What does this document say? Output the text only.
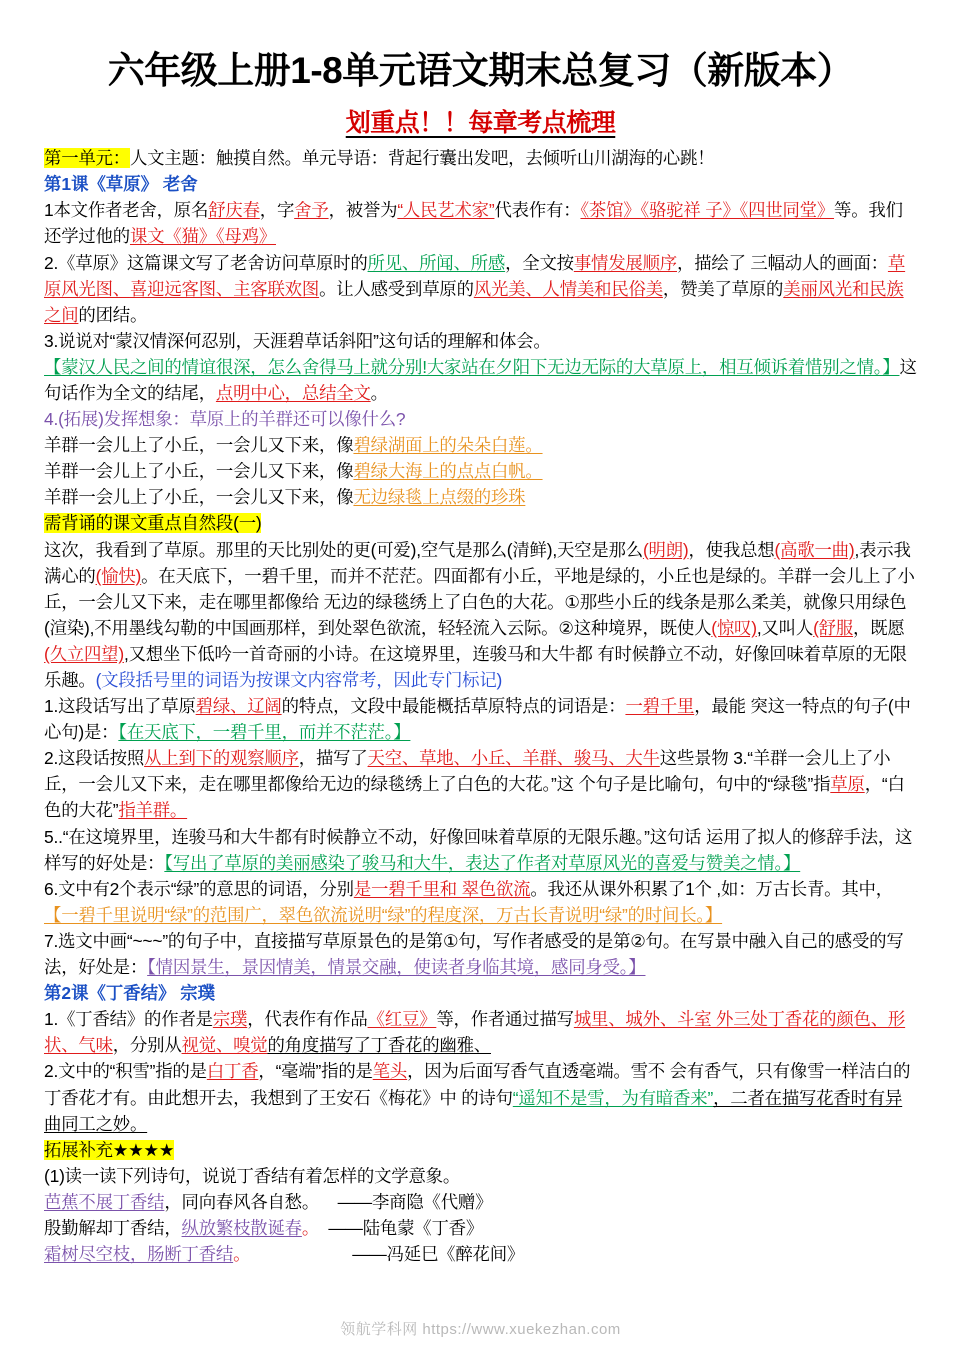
六年级上册1-8单元语文期末总复习（新版本）
划重点！！每章考点梳理
第一单元：人文主题：触摸自然。单元导语：背起行囊出发吧，去倾听山川湖海的心跳！
第1课《草原》 老舍
1本文作者老舍，原名舒庆春，字舍予，被誉为“人民艺术家”代表作有：《茶馆》《骆驼祥 子》《四世同堂》等。我们还学过他的课文《猫》《母鸡》
2.《草原》这篇课文写了老舍访问草原时的所见、所闻、所感，全文按事情发展顺序，描绘了 三幅动人的画面：草原风光图、喜迎远客图、主客联欢图。让人感受到草原的风光美、人情美和民俗美，赞美了草原的美丽风光和民族之间的团结。
3.说说对“蒙汉情深何忍别，天涯碧草话斜阳”这句话的理解和体会。
【蒙汉人民之间的情谊很深，怎么舍得马上就分别!大家站在夕阳下无边无际的大草原上，相互倾诉着惜别之情。】这句话作为全文的结尾，点明中心，总结全文。
4.(拓展)发挥想象：草原上的羊群还可以像什么?
羊群一会儿上了小丘，一会儿又下来，像碧绿湖面上的朵朵白莲。
羊群一会儿上了小丘，一会儿又下来，像碧绿大海上的点点白帆。
羊群一会儿上了小丘，一会儿又下来，像无边绿毯上点缀的珍珠
需背诵的课文重点自然段(一)
这次，我看到了草原。那里的天比别处的更(可爱),空气是那么(清鲜),天空是那么(明朗)，使我总想(高歌一曲),表示我满心的(愉快)。在天底下，一碧千里，而并不茫茫。四面都有小丘，平地是绿的，小丘也是绿的。羊群一会儿上了小丘，一会儿又下来，走在哪里都像给 无边的绿毯绣上了白色的大花。①那些小丘的线条是那么柔美，就像只用绿色(渲染),不用墨线勾勒的中国画那样，到处翠色欲流，轻轻流入云际。②这种境界，既使人(惊叹),又叫人(舒服，既愿(久立四望),又想坐下低吟一首奇丽的小诗。在这境界里，连骏马和大牛都 有时候静立不动，好像回味着草原的无限乐趣。(文段括号里的词语为按课文内容常考，因此专门标记)
1.这段话写出了草原碧绿、辽阔的特点，文段中最能概括草原特点的词语是：一碧千里，最能 突这一特点的句子(中心句)是：【在天底下，一碧千里，而并不茫茫。】
2.这段话按照从上到下的观察顺序，描写了天空、草地、小丘、羊群、骏马、大牛这些景物 3.“羊群一会儿上了小丘，一会儿又下来，走在哪里都像给无边的绿毯绣上了白色的大花。”这 个句子是比喻句，句中的“绿毯”指草原，“白色的大花”指羊群。
5..“在这境界里，连骏马和大牛都有时候静立不动，好像回味着草原的无限乐趣。”这句话 运用了拟人的修辞手法，这样写的好处是：【写出了草原的美丽感染了骏马和大牛，表达了作者对草原风光的喜爱与赞美之情。】
6.文中有2个表示“绿”的意思的词语，分别是一碧千里和 翠色欲流。我还从课外积累了1个 ,如：万古长青。其中，【一碧千里说明“绿”的范围广，翠色欲流说明“绿”的程度深，万古长青说明“绿”的时间长。】
7.选文中画“~~~”的句子中，直接描写草原景色的是第①句，写作者感受的是第②句。在写景中融入自己的感受的写法，好处是：【情因景生，景因情美，情景交融，使读者身临其境，感同身受。】
第2课《丁香结》 宗璞
1.《丁香结》的作者是宗璞，代表作有作品《红豆》等，作者通过描写城里、城外、斗室 外三处丁香花的颜色、形状、气味，分别从视觉、嗅觉的角度描写了丁香花的幽雅、
2.文中的“积雪”指的是白丁香，“毫端”指的是笔头，因为后面写香气直透毫端。雪不 会有香气，只有像雪一样洁白的丁香花才有。由此想开去，我想到了王安石《梅花》中 的诗句“遥知不是雪，为有暗香来”，二者在描写花香时有异曲同工之妙。
拓展补充★★★★
(1)读一读下列诗句，说说丁香结有着怎样的文学意象。
芭蕉不展丁香结，同向春风各自愁。 ——李商隐《代赠》
殷勤解却丁香结，纵放繁枝散诞春。 ——陆龟蒙《丁香》
霜树尽空枝，肠断丁香结。	——冯延巳《醉花间》
领航学科网 https://www.xuekezhan.com
